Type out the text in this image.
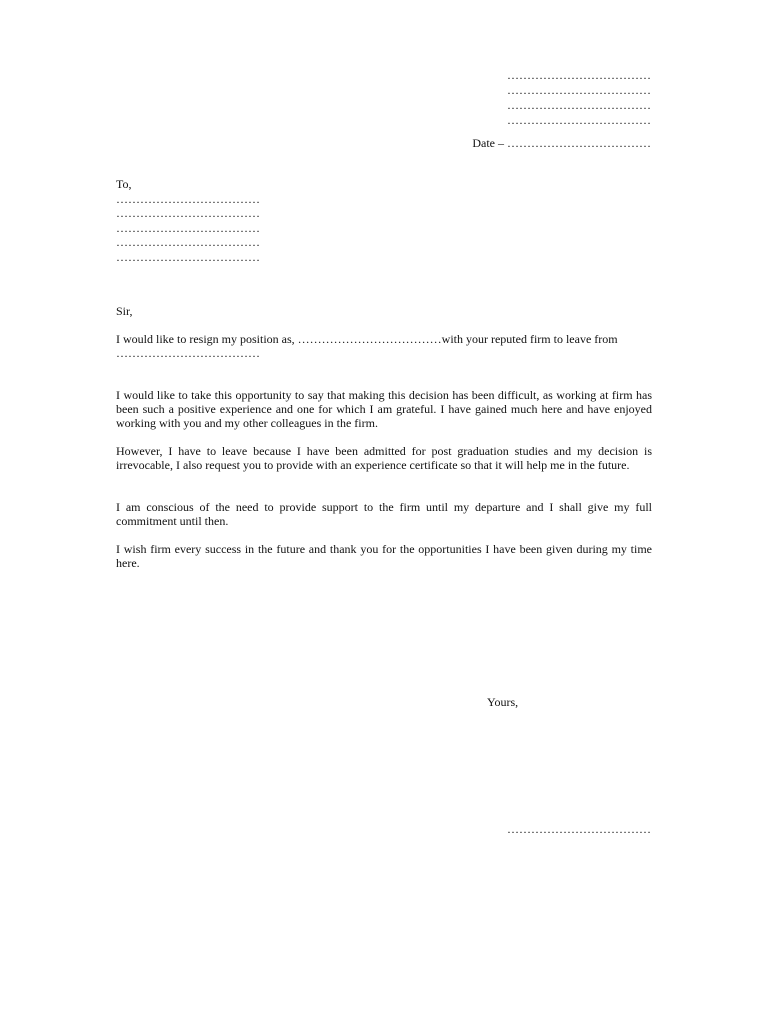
………………………………
………………………………
………………………………
………………………………
Date – ………………………………
To,
………………………………
………………………………
………………………………
………………………………
………………………………
Sir,

I would like to resign my position as, ………………………………with your reputed firm to leave from ………………………………

I would like to take this opportunity to say that making this decision has been difficult, as working at firm has been such a positive experience and one for which I am grateful. I have gained much here and have enjoyed working with you and my other colleagues in the firm.

However, I have to leave because I have been admitted for post graduation studies and my decision is irrevocable, I also request you to provide with an experience certificate so that it will help me in the future.

I am conscious of the need to provide support to the firm until my departure and I shall give my full commitment until then.

I wish firm every success in the future and thank you for the opportunities I have been given during my time here.

Yours,
………………………………
